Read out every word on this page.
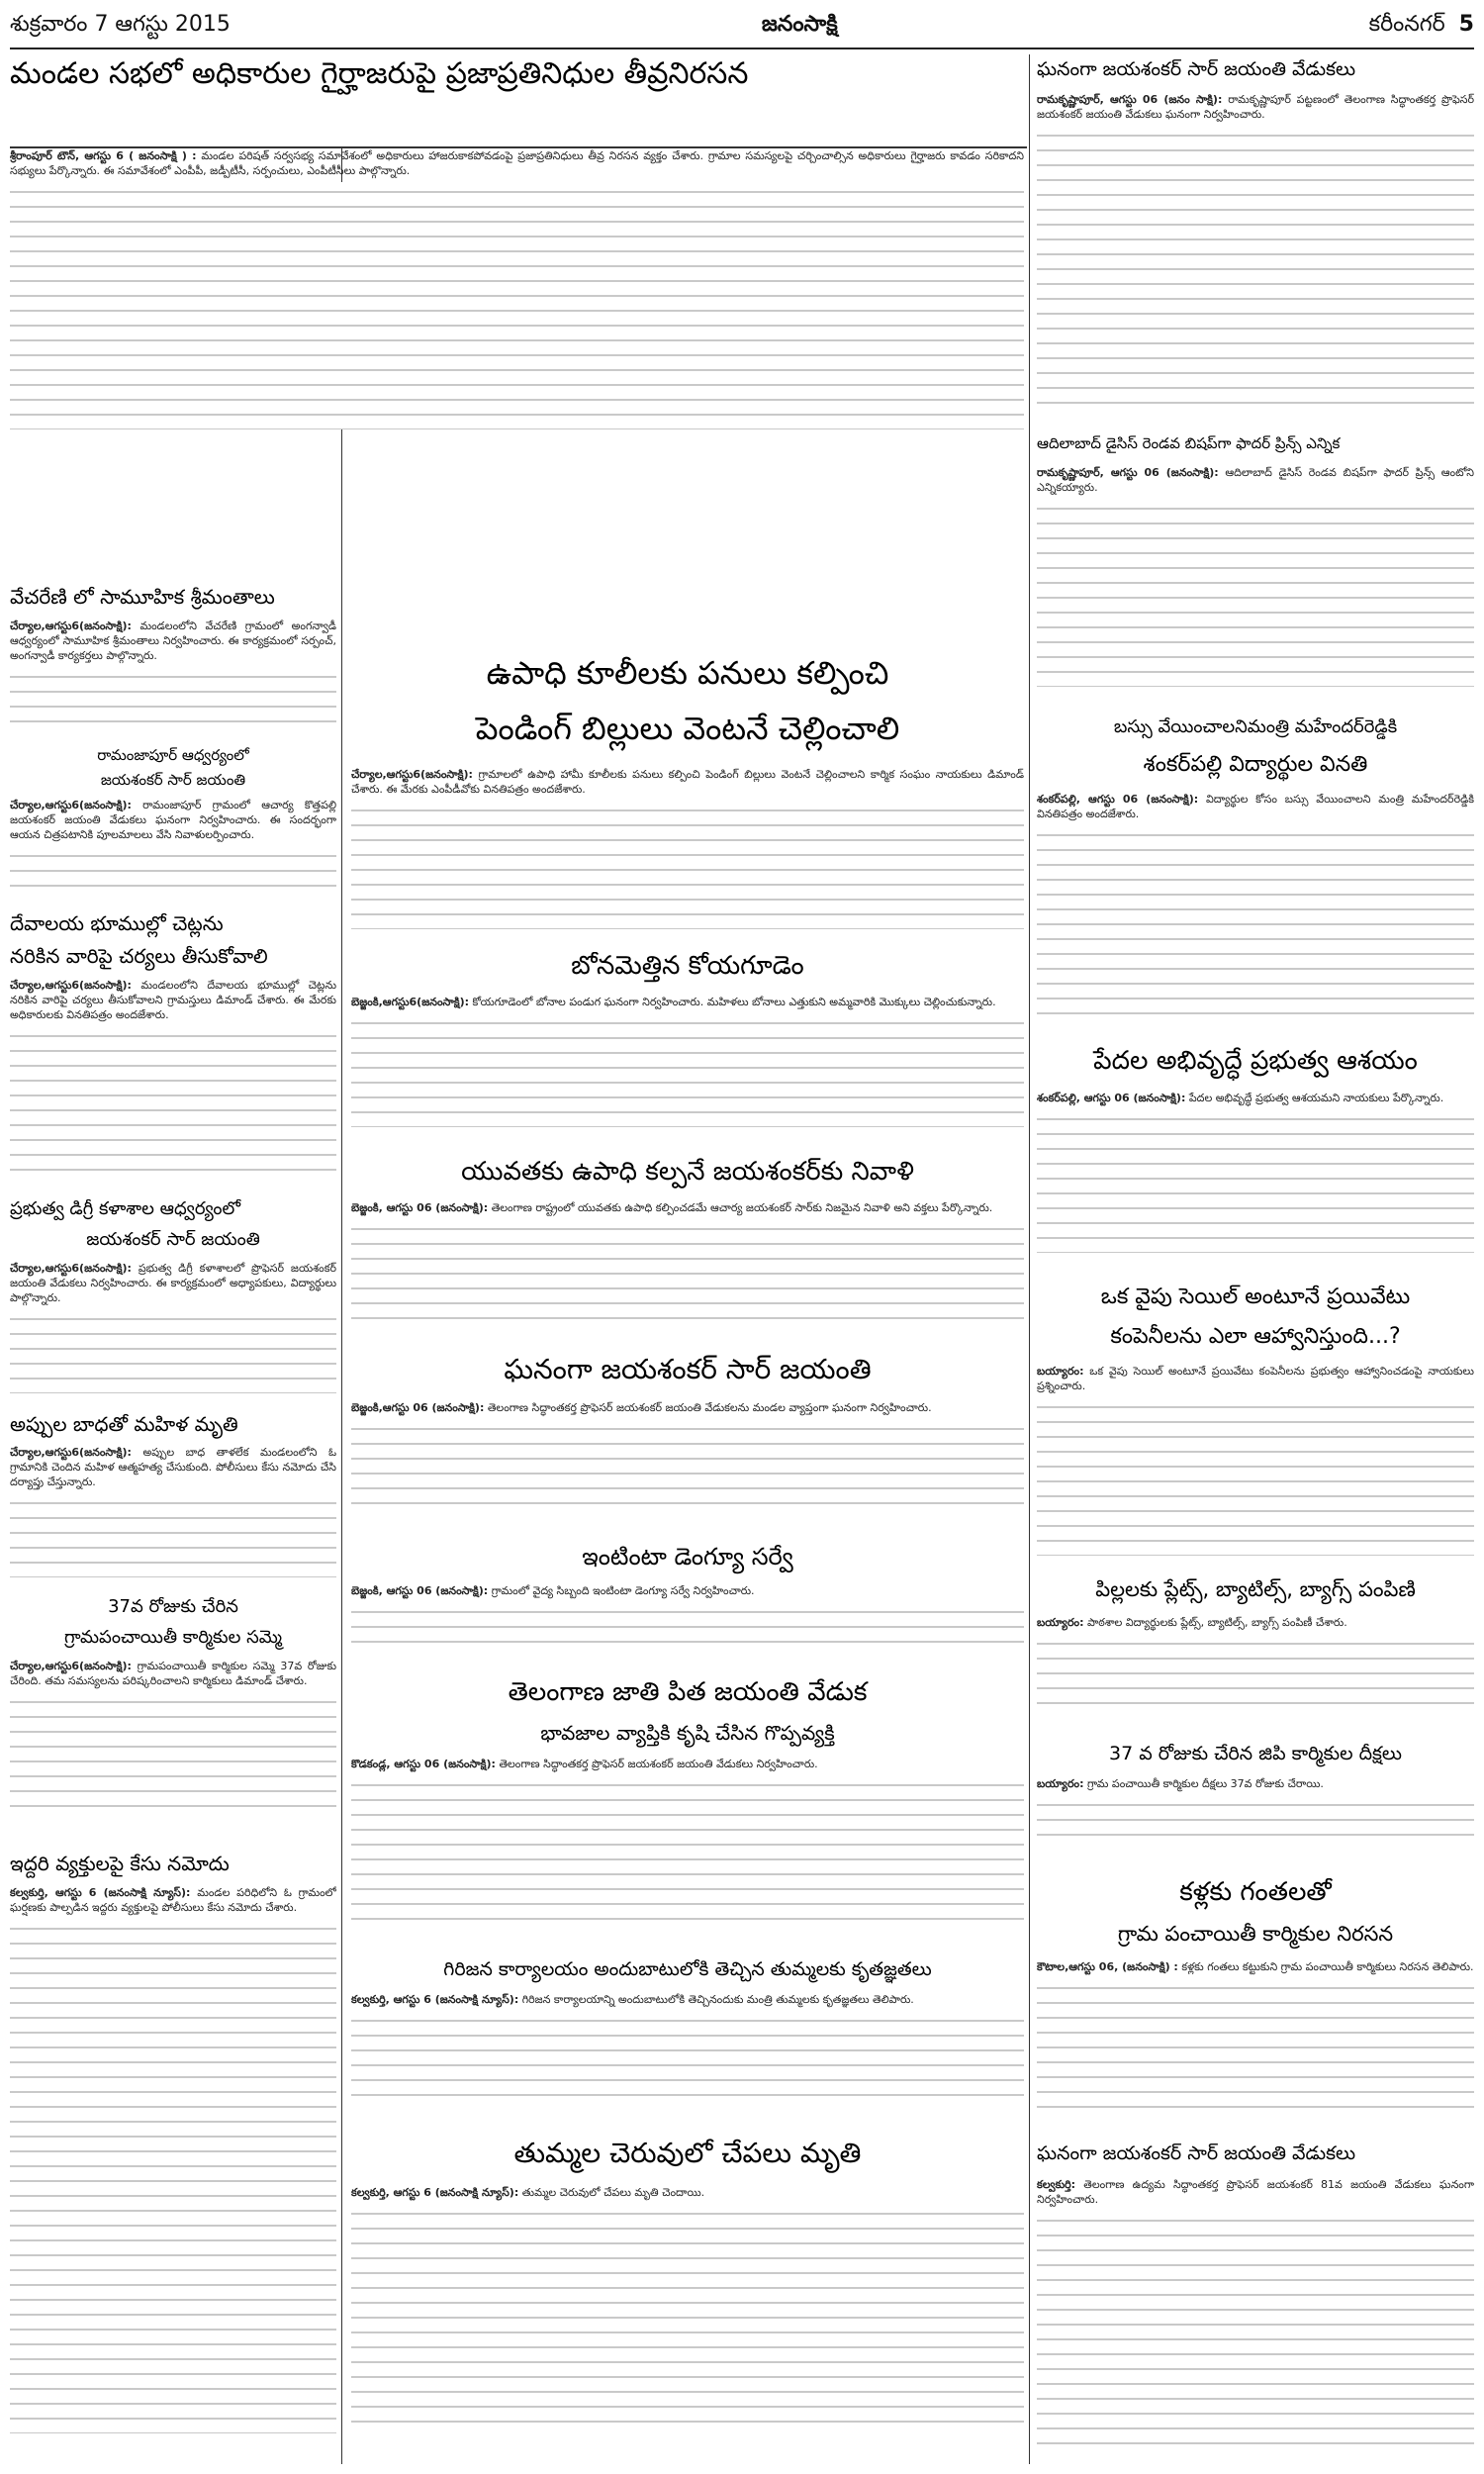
శుక్రవారం 7 ఆగస్టు 2015	జనంసాక్షి	కరీంనగర్ 5
మండల సభలో అధికారుల గైర్హాజరుపై ప్రజాప్రతినిధుల తీవ్రనిరసన

శ్రీరాంపూర్ టౌన్, ఆగస్టు 6 ( జనంసాక్షి ) : మండల పరిషత్ సర్వసభ్య సమావేశంలో అధికారులు హాజరుకాకపోవడంపై ప్రజాప్రతినిధులు తీవ్ర నిరసన వ్యక్తం చేశారు. గ్రామాల సమస్యలపై చర్చించాల్సిన అధికారులు గైర్హాజరు కావడం సరికాదని సభ్యులు పేర్కొన్నారు. ఈ సమావేశంలో ఎంపీపీ, జడ్పీటీసీ, సర్పంచులు, ఎంపీటీసీలు పాల్గొన్నారు.

వేచరేణి లో సామూహిక శ్రీమంతాలు

చేర్యాల,ఆగస్టు6(జనంసాక్షి): మండలంలోని వేచరేణి గ్రామంలో అంగన్వాడీ ఆధ్వర్యంలో సామూహిక శ్రీమంతాలు నిర్వహించారు. ఈ కార్యక్రమంలో సర్పంచ్, అంగన్వాడీ కార్యకర్తలు పాల్గొన్నారు.

రామంజాపూర్ ఆధ్వర్యంలో
జయశంకర్ సార్ జయంతి

చేర్యాల,ఆగస్టు6(జనంసాక్షి): రామంజాపూర్ గ్రామంలో ఆచార్య కొత్తపల్లి జయశంకర్ జయంతి వేడుకలు ఘనంగా నిర్వహించారు. ఈ సందర్భంగా ఆయన చిత్రపటానికి పూలమాలలు వేసి నివాళులర్పించారు.

దేవాలయ భూముల్లో చెట్లను
నరికిన వారిపై చర్యలు తీసుకోవాలి

చేర్యాల,ఆగస్టు6(జనంసాక్షి): మండలంలోని దేవాలయ భూముల్లో చెట్లను నరికిన వారిపై చర్యలు తీసుకోవాలని గ్రామస్తులు డిమాండ్ చేశారు. ఈ మేరకు అధికారులకు వినతిపత్రం అందజేశారు.

ప్రభుత్వ డిగ్రీ కళాశాల ఆధ్వర్యంలో
జయశంకర్ సార్ జయంతి

చేర్యాల,ఆగస్టు6(జనంసాక్షి): ప్రభుత్వ డిగ్రీ కళాశాలలో ప్రొఫెసర్ జయశంకర్ జయంతి వేడుకలు నిర్వహించారు. ఈ కార్యక్రమంలో అధ్యాపకులు, విద్యార్థులు పాల్గొన్నారు.

అప్పుల బాధతో మహిళ మృతి

చేర్యాల,ఆగస్టు6(జనంసాక్షి): అప్పుల బాధ తాళలేక మండలంలోని ఓ గ్రామానికి చెందిన మహిళ ఆత్మహత్య చేసుకుంది. పోలీసులు కేసు నమోదు చేసి దర్యాప్తు చేస్తున్నారు.

37వ రోజుకు చేరిన
గ్రామపంచాయితీ కార్మికుల సమ్మె

చేర్యాల,ఆగస్టు6(జనంసాక్షి): గ్రామపంచాయితీ కార్మికుల సమ్మె 37వ రోజుకు చేరింది. తమ సమస్యలను పరిష్కరించాలని కార్మికులు డిమాండ్ చేశారు.

ఇద్దరి వ్యక్తులపై కేసు నమోదు

కల్వకుర్తి, ఆగస్టు 6 (జనంసాక్షి న్యూస్): మండల పరిధిలోని ఓ గ్రామంలో ఘర్షణకు పాల్పడిన ఇద్దరు వ్యక్తులపై పోలీసులు కేసు నమోదు చేశారు.

ఉపాధి కూలీలకు పనులు కల్పించి
పెండింగ్ బిల్లులు వెంటనే చెల్లించాలి

చేర్యాల,ఆగస్టు6(జనంసాక్షి): గ్రామాలలో ఉపాధి హామీ కూలీలకు పనులు కల్పించి పెండింగ్ బిల్లులు వెంటనే చెల్లించాలని కార్మిక సంఘం నాయకులు డిమాండ్ చేశారు. ఈ మేరకు ఎంపీడీవోకు వినతిపత్రం అందజేశారు.

బోనమెత్తిన కోయగూడెం

బెజ్జంకి,ఆగస్టు6(జనంసాక్షి): కోయగూడెంలో బోనాల పండుగ ఘనంగా నిర్వహించారు. మహిళలు బోనాలు ఎత్తుకుని అమ్మవారికి మొక్కులు చెల్లించుకున్నారు.

యువతకు ఉపాధి కల్పనే జయశంకర్‌కు నివాళి

బెజ్జంకి, ఆగస్టు 06 (జనంసాక్షి): తెలంగాణ రాష్ట్రంలో యువతకు ఉపాధి కల్పించడమే ఆచార్య జయశంకర్ సార్‌కు నిజమైన నివాళి అని వక్తలు పేర్కొన్నారు.

ఘనంగా జయశంకర్ సార్ జయంతి

బెజ్జంకి,ఆగస్టు 06 (జనంసాక్షి): తెలంగాణ సిద్ధాంతకర్త ప్రొఫెసర్ జయశంకర్ జయంతి వేడుకలను మండల వ్యాప్తంగా ఘనంగా నిర్వహించారు.

ఇంటింటా డెంగ్యూ సర్వే

బెజ్జంకి, ఆగస్టు 06 (జనంసాక్షి): గ్రామంలో వైద్య సిబ్బంది ఇంటింటా డెంగ్యూ సర్వే నిర్వహించారు.

తెలంగాణ జాతి పిత జయంతి వేడుక
భావజాల వ్యాప్తికి కృషి చేసిన గొప్పవ్యక్తి

కొడకండ్ల, ఆగస్టు 06 (జనంసాక్షి): తెలంగాణ సిద్ధాంతకర్త ప్రొఫెసర్ జయశంకర్ జయంతి వేడుకలు నిర్వహించారు.

గిరిజన కార్యాలయం అందుబాటులోకి తెచ్చిన తుమ్మలకు కృతజ్ఞతలు

కల్వకుర్తి, ఆగస్టు 6 (జనంసాక్షి న్యూస్): గిరిజన కార్యాలయాన్ని అందుబాటులోకి తెచ్చినందుకు మంత్రి తుమ్మలకు కృతజ్ఞతలు తెలిపారు.

తుమ్మల చెరువులో చేపలు మృతి

కల్వకుర్తి, ఆగస్టు 6 (జనంసాక్షి న్యూస్): తుమ్మల చెరువులో చేపలు మృతి చెందాయి.

ఘనంగా జయశంకర్ సార్ జయంతి వేడుకలు

రామకృష్ణాపూర్, ఆగస్టు 06 (జనం సాక్షి): రామకృష్ణాపూర్ పట్టణంలో తెలంగాణ సిద్ధాంతకర్త ప్రొఫెసర్ జయశంకర్ జయంతి వేడుకలు ఘనంగా నిర్వహించారు.

ఆదిలాబాద్ డైసిస్ రెండవ బిషప్‌గా ఫాదర్ ప్రిన్స్ ఎన్నిక

రామకృష్ణాపూర్, ఆగస్టు 06 (జనంసాక్షి): ఆదిలాబాద్ డైసిస్ రెండవ బిషప్‌గా ఫాదర్ ప్రిన్స్ ఆంటోని ఎన్నికయ్యారు.

బస్సు వేయించాలనిమంత్రి మహేందర్‌రెడ్డికి
శంకర్‌పల్లి విద్యార్థుల వినతి

శంకర్‌పల్లి, ఆగస్టు 06 (జనంసాక్షి): విద్యార్థుల కోసం బస్సు వేయించాలని మంత్రి మహేందర్‌రెడ్డికి వినతిపత్రం అందజేశారు.

పేదల అభివృద్ధే ప్రభుత్వ ఆశయం

శంకర్‌పల్లి, ఆగస్టు 06 (జనంసాక్షి): పేదల అభివృద్ధే ప్రభుత్వ ఆశయమని నాయకులు పేర్కొన్నారు.

ఒక వైపు సెయిల్ అంటూనే ప్రయివేటు
కంపెనీలను ఎలా ఆహ్వానిస్తుంది...?

బయ్యారం: ఒక వైపు సెయిల్ అంటూనే ప్రయివేటు కంపెనీలను ప్రభుత్వం ఆహ్వానించడంపై నాయకులు ప్రశ్నించారు.

పిల్లలకు ప్లేట్స్, బ్యాటిల్స్, బ్యాగ్స్ పంపిణి

బయ్యారం: పాఠశాల విద్యార్థులకు ప్లేట్స్, బ్యాటిల్స్, బ్యాగ్స్ పంపిణీ చేశారు.

37 వ రోజుకు చేరిన జిపి కార్మికుల దీక్షలు

బయ్యారం: గ్రామ పంచాయితీ కార్మికుల దీక్షలు 37వ రోజుకు చేరాయి.

కళ్లకు గంతలతో
గ్రామ పంచాయితీ కార్మికుల నిరసన

కౌటాల,ఆగస్టు 06, (జనంసాక్షి) : కళ్లకు గంతలు కట్టుకుని గ్రామ పంచాయితీ కార్మికులు నిరసన తెలిపారు.

ఘనంగా జయశంకర్ సార్ జయంతి వేడుకలు

కల్వకుర్తి: తెలంగాణ ఉద్యమ సిద్ధాంతకర్త ప్రొఫెసర్ జయశంకర్ 81వ జయంతి వేడుకలు ఘనంగా నిర్వహించారు.
